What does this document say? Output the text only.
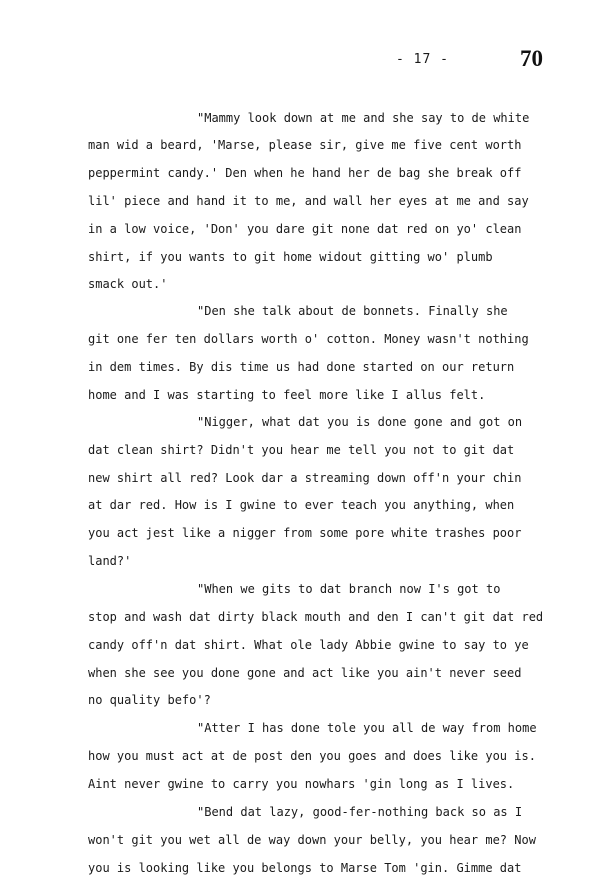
- 17 -	70
"Mammy look down at me and she say to de white
man wid a beard, 'Marse, please sir, give me five cent worth
peppermint candy.' Den when he hand her de bag she break off
lil' piece and hand it to me, and wall her eyes at me and say
in a low voice, 'Don' you dare git none dat red on yo' clean
shirt, if you wants to git home widout gitting wo' plumb
smack out.'
"Den she talk about de bonnets. Finally she
git one fer ten dollars worth o' cotton. Money wasn't nothing
in dem times. By dis time us had done started on our return
home and I was starting to feel more like I allus felt.
"Nigger, what dat you is done gone and got on
dat clean shirt? Didn't you hear me tell you not to git dat
new shirt all red? Look dar a streaming down off'n your chin
at dar red. How is I gwine to ever teach you anything, when
you act jest like a nigger from some pore white trashes poor
land?'
"When we gits to dat branch now I's got to
stop and wash dat dirty black mouth and den I can't git dat red
candy off'n dat shirt. What ole lady Abbie gwine to say to ye
when she see you done gone and act like you ain't never seed
no quality befo'?
"Atter I has done tole you all de way from home
how you must act at de post den you goes and does like you is.
Aint never gwine to carry you nowhars 'gin long as I lives.
"Bend dat lazy, good-fer-nothing back so as I
won't git you wet all de way down your belly, you hear me? Now
you is looking like you belongs to Marse Tom 'gin. Gimme dat
